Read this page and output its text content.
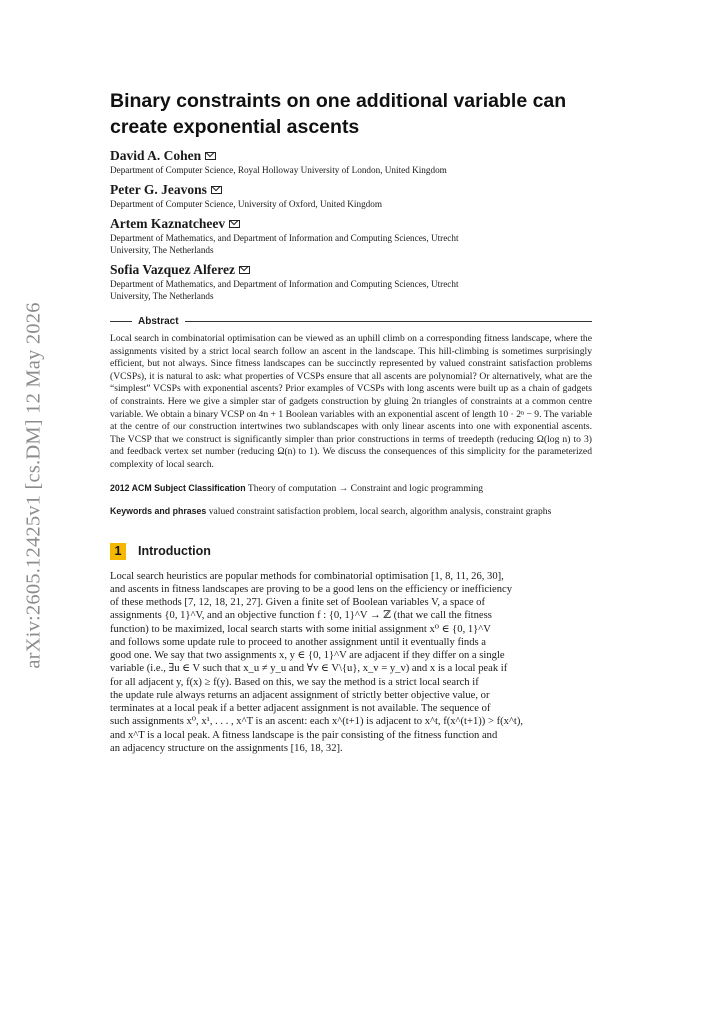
arXiv:2605.12425v1 [cs.DM] 12 May 2026
Binary constraints on one additional variable can
create exponential ascents
David A. Cohen
Department of Computer Science, Royal Holloway University of London, United Kingdom
Peter G. Jeavons
Department of Computer Science, University of Oxford, United Kingdom
Artem Kaznatcheev
Department of Mathematics, and Department of Information and Computing Sciences, Utrecht
University, The Netherlands
Sofia Vazquez Alferez
Department of Mathematics, and Department of Information and Computing Sciences, Utrecht
University, The Netherlands
Abstract

Local search in combinatorial optimisation can be viewed as an uphill climb on a corresponding fitness landscape, where the assignments visited by a strict local search follow an ascent in the landscape. This hill-climbing is sometimes surprisingly efficient, but not always. Since fitness landscapes can be succinctly represented by valued constraint satisfaction problems (VCSPs), it is natural to ask: what properties of VCSPs ensure that all ascents are polynomial? Or alternatively, what are the “simplest” VCSPs with exponential ascents? Prior examples of VCSPs with long ascents were built up as a chain of gadgets of constraints. Here we give a simpler star of gadgets construction by gluing 2n triangles of constraints at a common centre variable. We obtain a binary VCSP on 4n + 1 Boolean variables with an exponential ascent of length 10 · 2ⁿ − 9. The variable at the centre of our construction intertwines two sublandscapes with only linear ascents into one with exponential ascents. The VCSP that we construct is significantly simpler than prior constructions in terms of treedepth (reducing Ω(log n) to 3) and feedback vertex set number (reducing Ω(n) to 1). We discuss the consequences of this simplicity for the parameterized complexity of local search.

2012 ACM Subject Classification Theory of computation → Constraint and logic programming
Keywords and phrases valued constraint satisfaction problem, local search, algorithm analysis, constraint graphs
1	Introduction

Local search heuristics are popular methods for combinatorial optimisation [1, 8, 11, 26, 30],
and ascents in fitness landscapes are proving to be a good lens on the efficiency or inefficiency
of these methods [7, 12, 18, 21, 27]. Given a finite set of Boolean variables V, a space of
assignments {0, 1}^V, and an objective function f : {0, 1}^V → ℤ (that we call the fitness
function) to be maximized, local search starts with some initial assignment x⁰ ∈ {0, 1}^V
and follows some update rule to proceed to another assignment until it eventually finds a
good one. We say that two assignments x, y ∈ {0, 1}^V are adjacent if they differ on a single
variable (i.e., ∃u ∈ V such that x_u ≠ y_u and ∀v ∈ V\{u}, x_v = y_v) and x is a local peak if
for all adjacent y, f(x) ≥ f(y). Based on this, we say the method is a strict local search if
the update rule always returns an adjacent assignment of strictly better objective value, or
terminates at a local peak if a better adjacent assignment is not available. The sequence of
such assignments x⁰, x¹, . . . , x^T is an ascent: each x^(t+1) is adjacent to x^t, f(x^(t+1)) > f(x^t),
and x^T is a local peak. A fitness landscape is the pair consisting of the fitness function and
an adjacency structure on the assignments [16, 18, 32].
